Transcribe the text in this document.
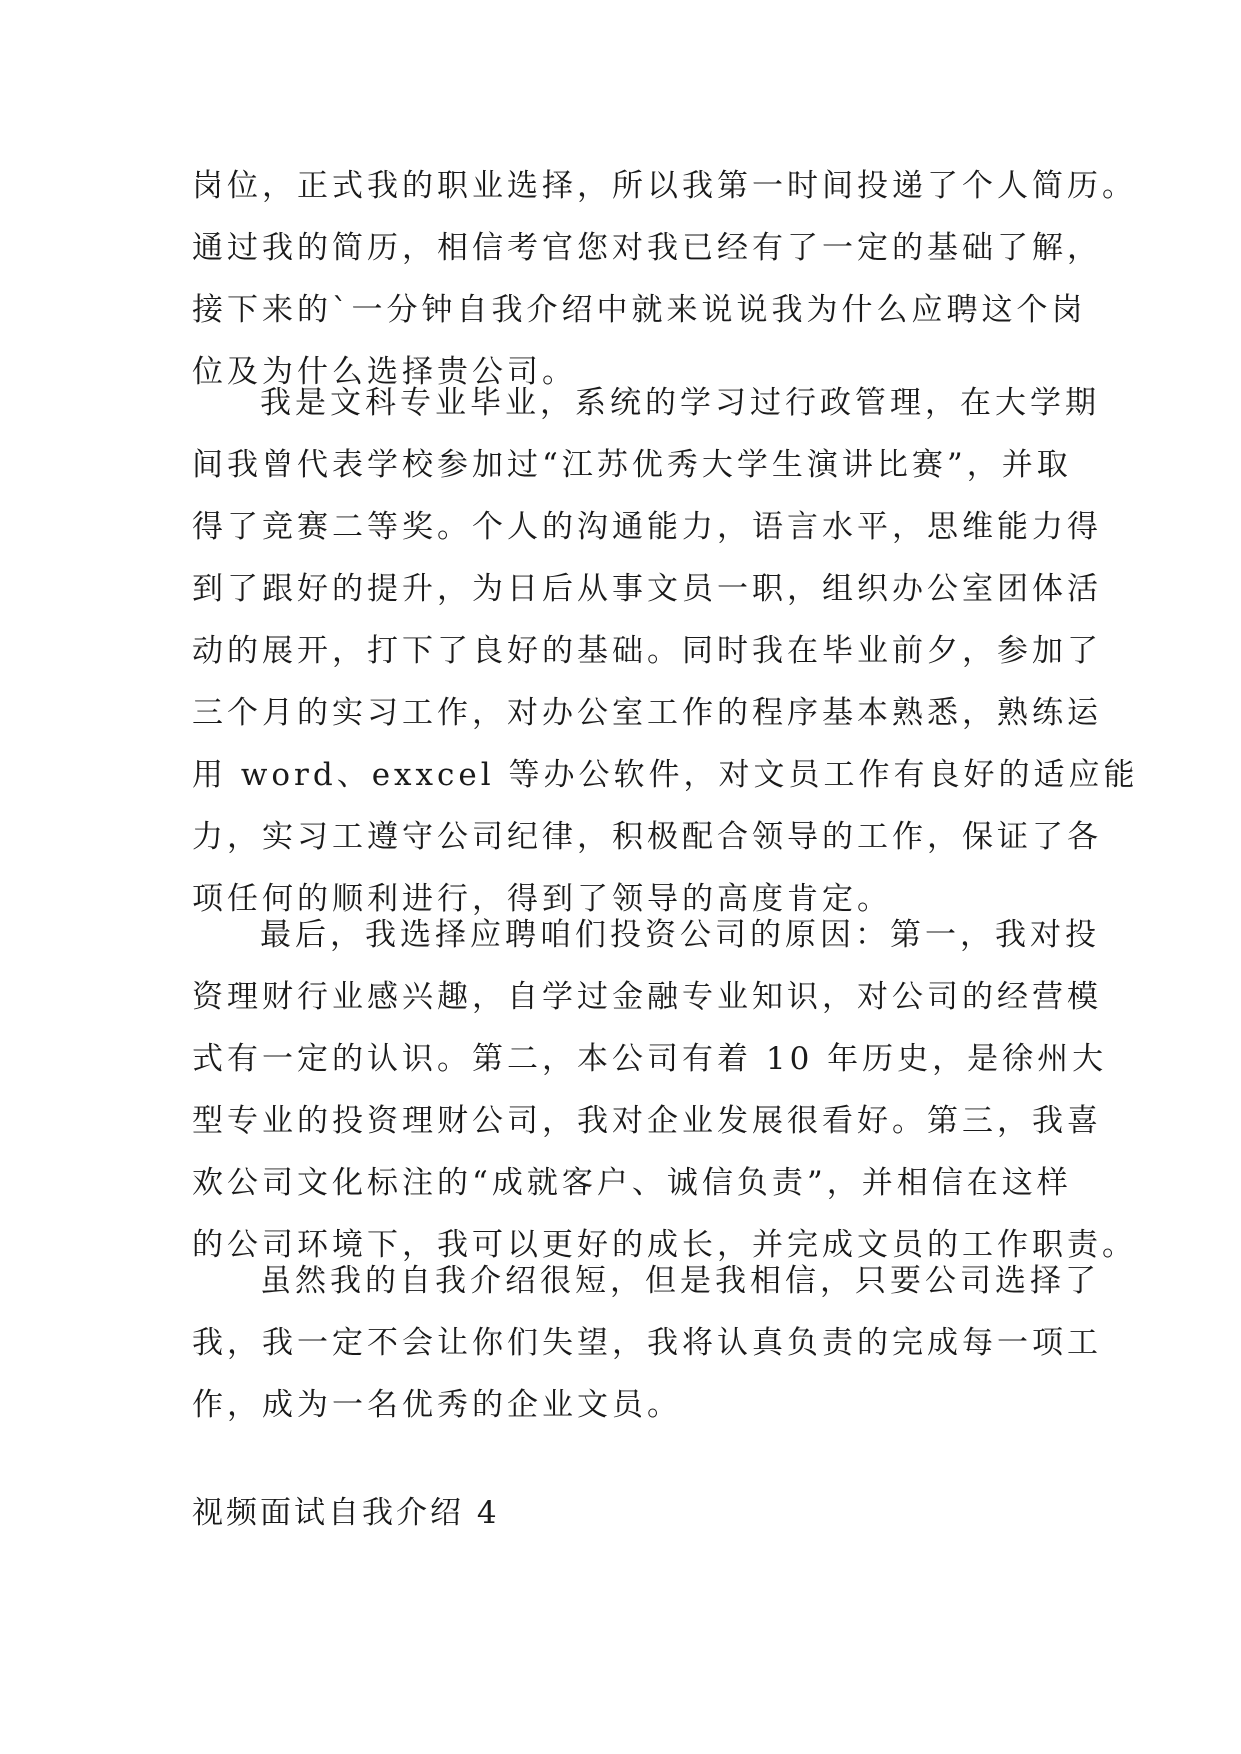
岗位，正式我的职业选择，所以我第一时间投递了个人简历。
通过我的简历，相信考官您对我已经有了一定的基础了解，
接下来的`一分钟自我介绍中就来说说我为什么应聘这个岗
位及为什么选择贵公司。
我是文科专业毕业，系统的学习过行政管理，在大学期
间我曾代表学校参加过“江苏优秀大学生演讲比赛”，并取
得了竞赛二等奖。个人的沟通能力，语言水平，思维能力得
到了跟好的提升，为日后从事文员一职，组织办公室团体活
动的展开，打下了良好的基础。同时我在毕业前夕，参加了
三个月的实习工作，对办公室工作的程序基本熟悉，熟练运
用 word、exxcel 等办公软件，对文员工作有良好的适应能
力，实习工遵守公司纪律，积极配合领导的工作，保证了各
项任何的顺利进行，得到了领导的高度肯定。
最后，我选择应聘咱们投资公司的原因：第一，我对投
资理财行业感兴趣，自学过金融专业知识，对公司的经营模
式有一定的认识。第二，本公司有着 10 年历史，是徐州大
型专业的投资理财公司，我对企业发展很看好。第三，我喜
欢公司文化标注的“成就客户、诚信负责”，并相信在这样
的公司环境下，我可以更好的成长，并完成文员的工作职责。
虽然我的自我介绍很短，但是我相信，只要公司选择了
我，我一定不会让你们失望，我将认真负责的完成每一项工
作，成为一名优秀的企业文员。
视频面试自我介绍 4
